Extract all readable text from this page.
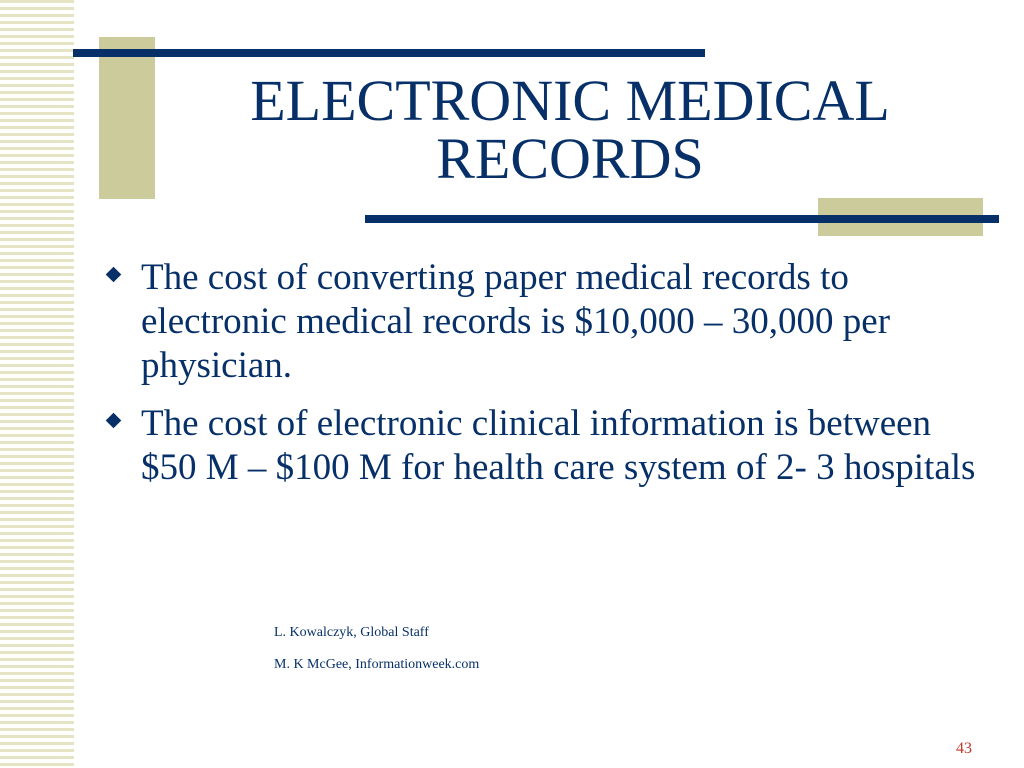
ELECTRONIC MEDICAL RECORDS
The cost of converting paper medical records to electronic medical records is $10,000 – 30,000 per physician.
The cost of electronic clinical information is between $50 M – $100 M for health care system of 2- 3 hospitals
L. Kowalczyk, Global Staff
M. K McGee, Informationweek.com
43
